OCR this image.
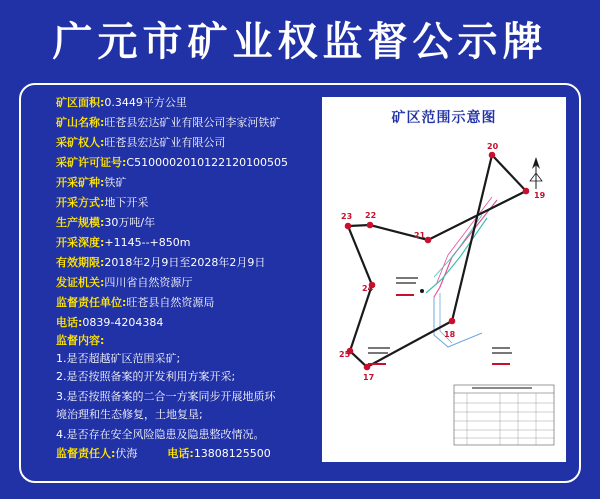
广元市矿业权监督公示牌
矿区面积:0.3449平方公里
矿山名称:旺苍县宏达矿业有限公司李家河铁矿
采矿权人:旺苍县宏达矿业有限公司
采矿许可证号:C5100002010122120100505
开采矿种:铁矿
开采方式:地下开采
生产规模:30万吨/年
开采深度:+1145--+850m
有效期限:2018年2月9日至2028年2月9日
发证机关:四川省自然资源厅
监督责任单位:旺苍县自然资源局
电话:0839-4204384
监督内容:
1.是否超越矿区范围采矿;
2.是否按照备案的开发利用方案开采;
3.是否按照备案的二合一方案同步开展地质环
境治理和生态修复，土地复垦;
4.是否存在安全风险隐患及隐患整改情况。
监督责任人:伏海	电话:13808125500
矿区范围示意图
20
19
21
22
23
24
25
17
18
